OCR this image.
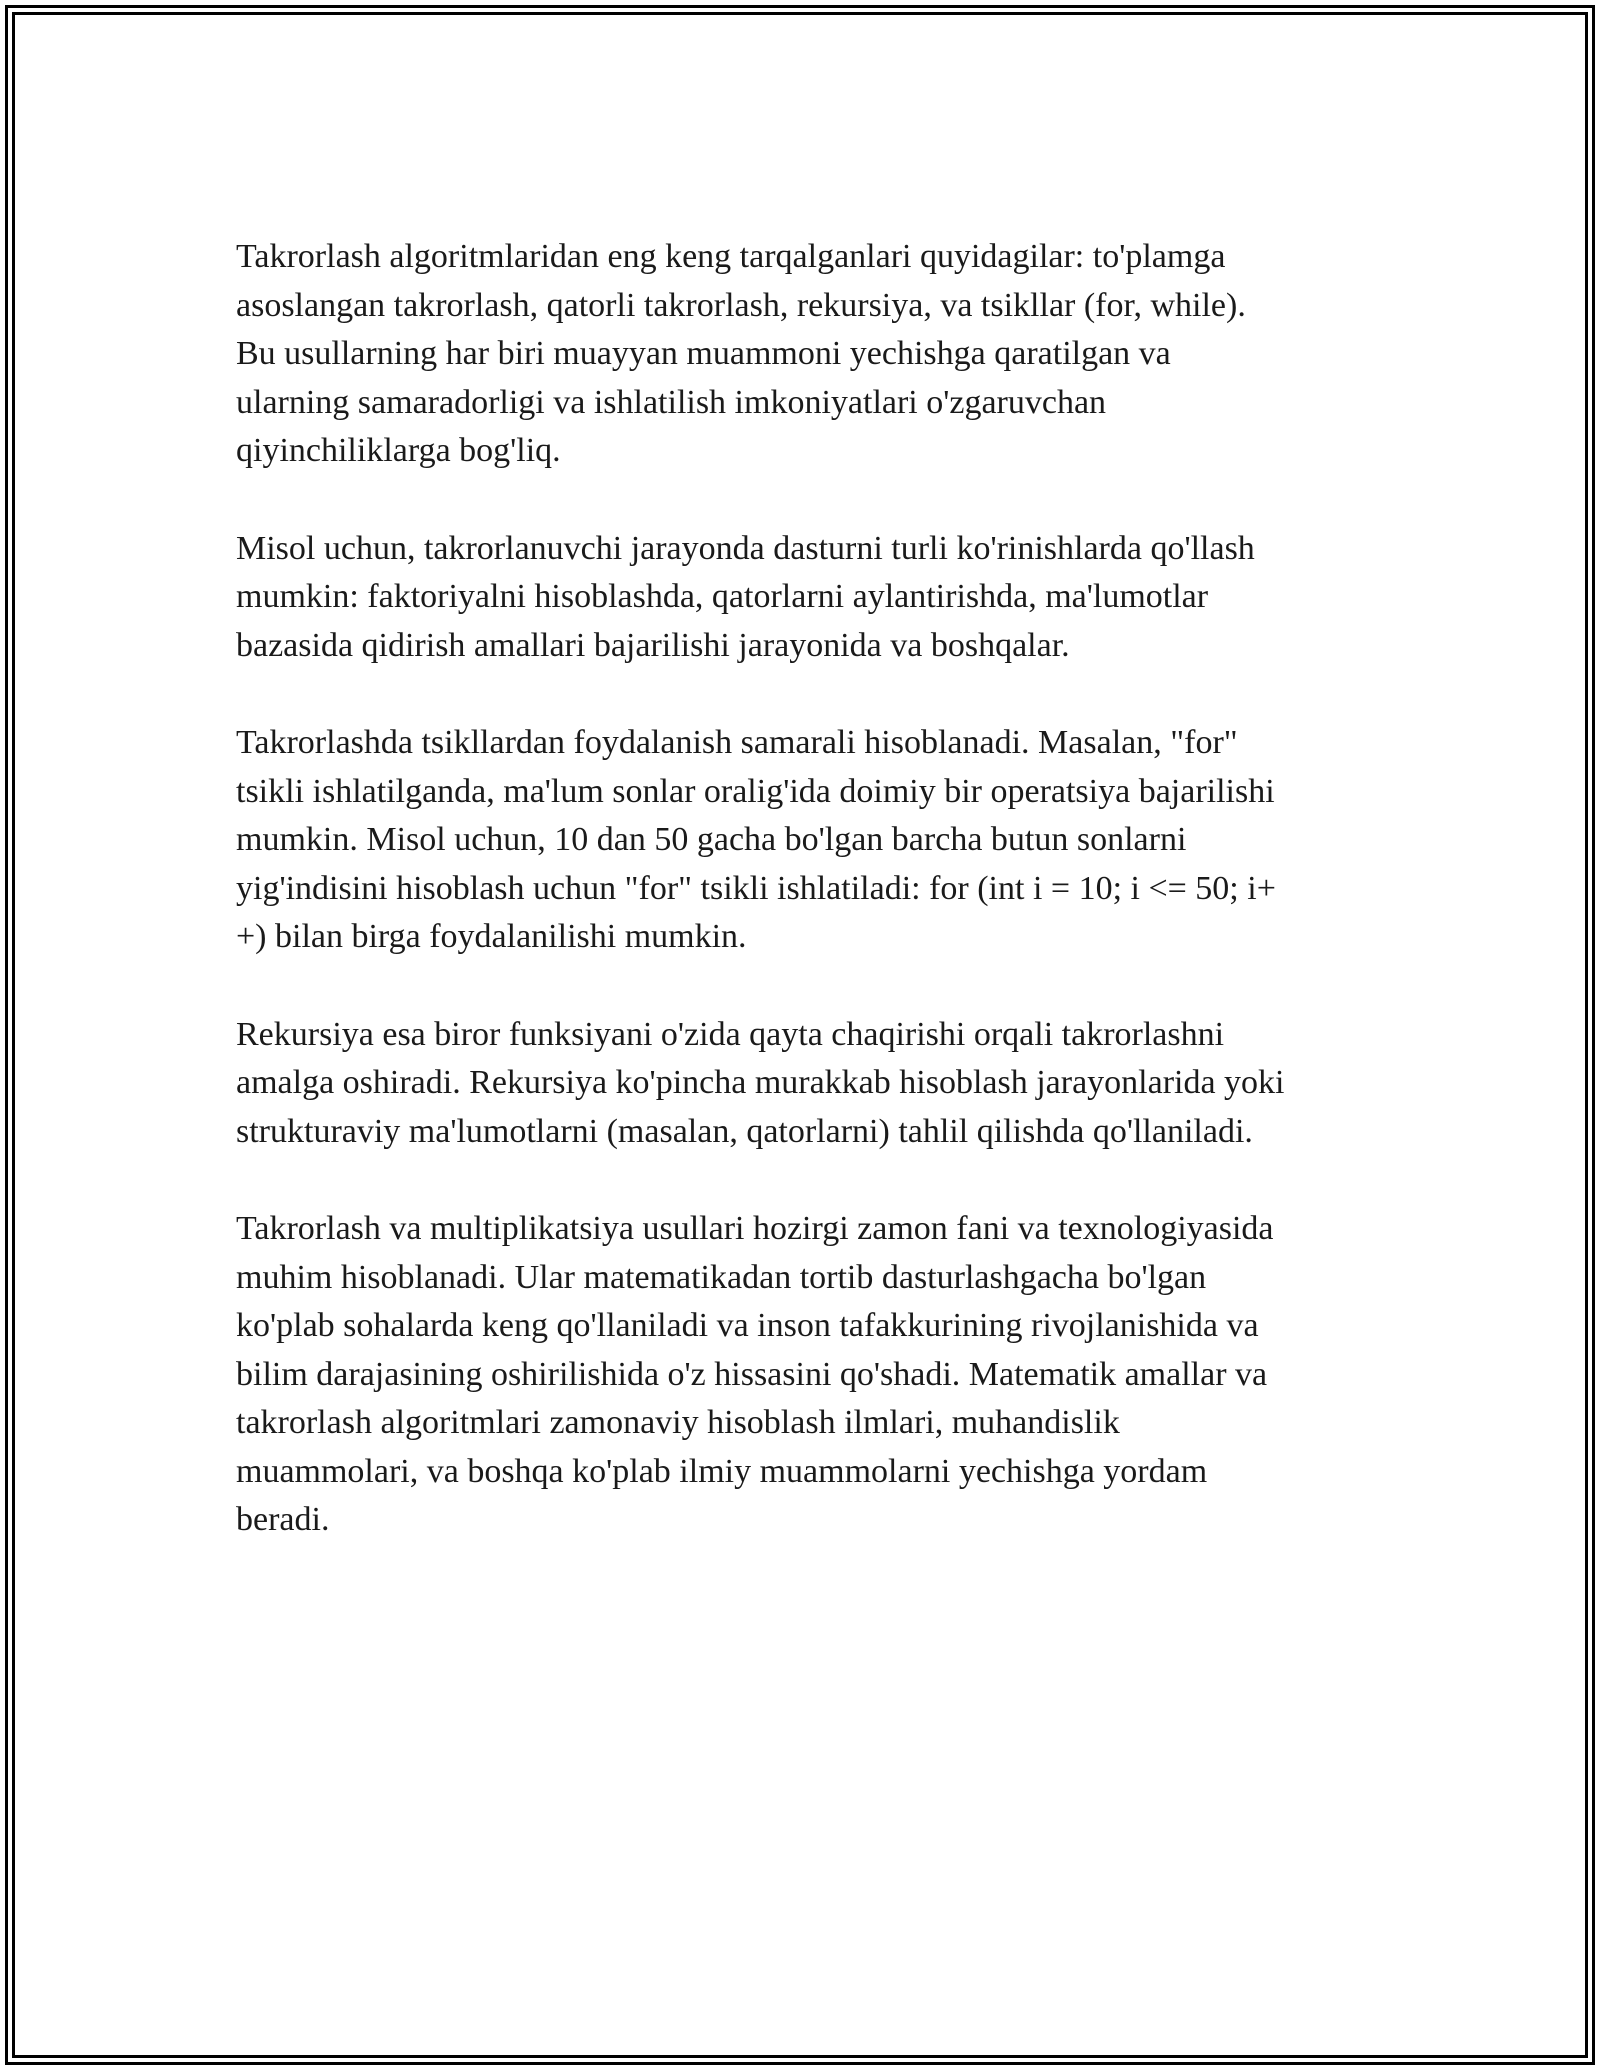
Takrorlash algoritmlaridan eng keng tarqalganlari quyidagilar: to'plamga
asoslangan takrorlash, qatorli takrorlash, rekursiya, va tsikllar (for, while).
Bu usullarning har biri muayyan muammoni yechishga qaratilgan va
ularning samaradorligi va ishlatilish imkoniyatlari o'zgaruvchan
qiyinchiliklarga bog'liq.

Misol uchun, takrorlanuvchi jarayonda dasturni turli ko'rinishlarda qo'llash
mumkin: faktoriyalni hisoblashda, qatorlarni aylantirishda, ma'lumotlar
bazasida qidirish amallari bajarilishi jarayonida va boshqalar.

Takrorlashda tsikllardan foydalanish samarali hisoblanadi. Masalan, "for"
tsikli ishlatilganda, ma'lum sonlar oralig'ida doimiy bir operatsiya bajarilishi
mumkin. Misol uchun, 10 dan 50 gacha bo'lgan barcha butun sonlarni
yig'indisini hisoblash uchun "for" tsikli ishlatiladi: for (int i = 10; i <= 50; i+
+) bilan birga foydalanilishi mumkin.

Rekursiya esa biror funksiyani o'zida qayta chaqirishi orqali takrorlashni
amalga oshiradi. Rekursiya ko'pincha murakkab hisoblash jarayonlarida yoki
strukturaviy ma'lumotlarni (masalan, qatorlarni) tahlil qilishda qo'llaniladi.

Takrorlash va multiplikatsiya usullari hozirgi zamon fani va texnologiyasida
muhim hisoblanadi. Ular matematikadan tortib dasturlashgacha bo'lgan
ko'plab sohalarda keng qo'llaniladi va inson tafakkurining rivojlanishida va
bilim darajasining oshirilishida o'z hissasini qo'shadi. Matematik amallar va
takrorlash algoritmlari zamonaviy hisoblash ilmlari, muhandislik
muammolari, va boshqa ko'plab ilmiy muammolarni yechishga yordam
beradi.
